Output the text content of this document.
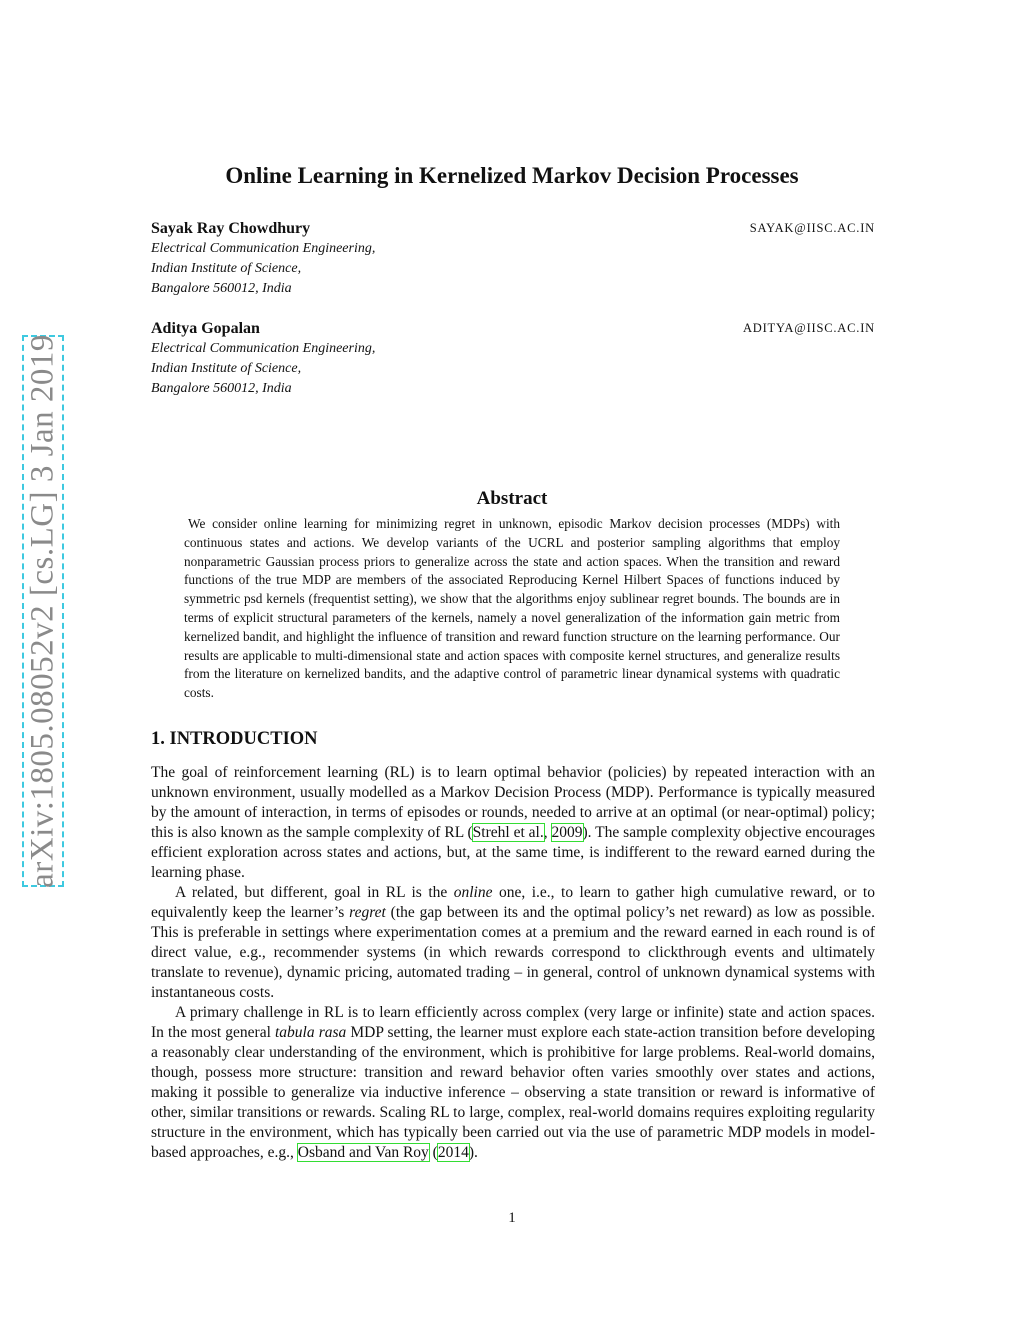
arXiv:1805.08052v2 [cs.LG] 3 Jan 2019
Online Learning in Kernelized Markov Decision Processes
Sayak Ray Chowdhury	SAYAK@IISC.AC.IN
Electrical Communication Engineering,
Indian Institute of Science,
Bangalore 560012, India
Aditya Gopalan	ADITYA@IISC.AC.IN
Electrical Communication Engineering,
Indian Institute of Science,
Bangalore 560012, India
Abstract

We consider online learning for minimizing regret in unknown, episodic Markov decision processes (MDPs) with continuous states and actions. We develop variants of the UCRL and posterior sampling algorithms that employ nonparametric Gaussian process priors to generalize across the state and action spaces. When the transition and reward functions of the true MDP are members of the associated Reproducing Kernel Hilbert Spaces of functions induced by symmetric psd kernels (frequentist setting), we show that the algorithms enjoy sublinear regret bounds. The bounds are in terms of explicit structural parameters of the kernels, namely a novel generalization of the information gain metric from kernelized bandit, and highlight the influence of transition and reward function structure on the learning performance. Our results are applicable to multi-dimensional state and action spaces with composite kernel structures, and generalize results from the literature on kernelized bandits, and the adaptive control of parametric linear dynamical systems with quadratic costs.

1. INTRODUCTION

The goal of reinforcement learning (RL) is to learn optimal behavior (policies) by repeated interaction with an unknown environment, usually modelled as a Markov Decision Process (MDP). Performance is typically measured by the amount of interaction, in terms of episodes or rounds, needed to arrive at an optimal (or near-optimal) policy; this is also known as the sample complexity of RL (Strehl et al., 2009). The sample complexity objective encourages efficient exploration across states and actions, but, at the same time, is indifferent to the reward earned during the learning phase.

A related, but different, goal in RL is the online one, i.e., to learn to gather high cumulative reward, or to equivalently keep the learner’s regret (the gap between its and the optimal policy’s net reward) as low as possible. This is preferable in settings where experimentation comes at a premium and the reward earned in each round is of direct value, e.g., recommender systems (in which rewards correspond to clickthrough events and ultimately translate to revenue), dynamic pricing, automated trading – in general, control of unknown dynamical systems with instantaneous costs.

A primary challenge in RL is to learn efficiently across complex (very large or infinite) state and action spaces. In the most general tabula rasa MDP setting, the learner must explore each state-action transition before developing a reasonably clear understanding of the environment, which is prohibitive for large problems. Real-world domains, though, possess more structure: transition and reward behavior often varies smoothly over states and actions, making it possible to generalize via inductive inference – observing a state transition or reward is informative of other, similar transitions or rewards. Scaling RL to large, complex, real-world domains requires exploiting regularity structure in the environment, which has typically been carried out via the use of parametric MDP models in model-based approaches, e.g., Osband and Van Roy (2014).

1
